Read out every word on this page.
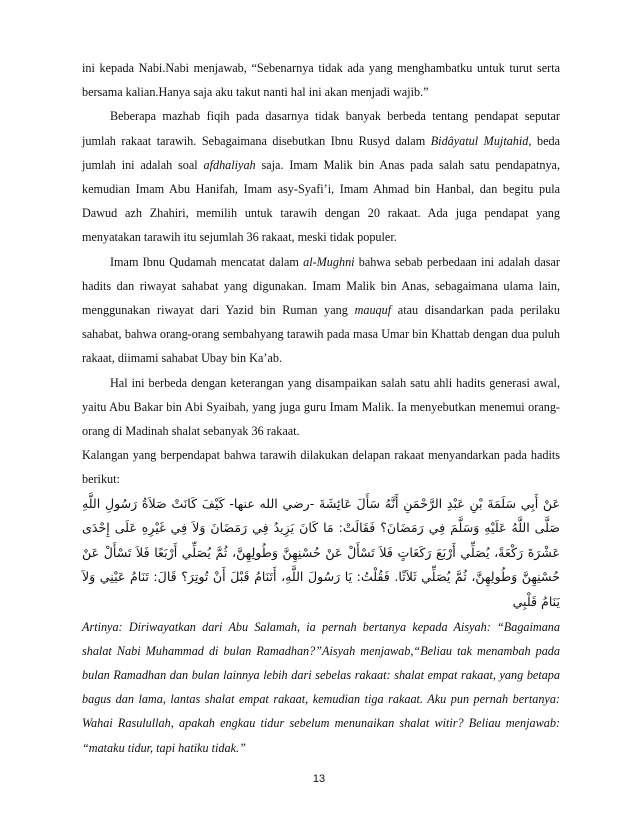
ini kepada Nabi.Nabi menjawab, “Sebenarnya tidak ada yang menghambatku untuk turut serta bersama kalian.Hanya saja aku takut nanti hal ini akan menjadi wajib.”

Beberapa mazhab fiqih pada dasarnya tidak banyak berbeda tentang pendapat seputar jumlah rakaat tarawih. Sebagaimana disebutkan Ibnu Rusyd dalam Bidâyatul Mujtahid, beda jumlah ini adalah soal afdhaliyah saja. Imam Malik bin Anas pada salah satu pendapatnya, kemudian Imam Abu Hanifah, Imam asy-Syafi’i, Imam Ahmad bin Hanbal, dan begitu pula Dawud azh Zhahiri, memilih untuk tarawih dengan 20 rakaat. Ada juga pendapat yang menyatakan tarawih itu sejumlah 36 rakaat, meski tidak populer.

Imam Ibnu Qudamah mencatat dalam al-Mughni bahwa sebab perbedaan ini adalah dasar hadits dan riwayat sahabat yang digunakan. Imam Malik bin Anas, sebagaimana ulama lain, menggunakan riwayat dari Yazid bin Ruman yang mauquf atau disandarkan pada perilaku sahabat, bahwa orang-orang sembahyang tarawih pada masa Umar bin Khattab dengan dua puluh rakaat, diimami sahabat Ubay bin Ka’ab.

Hal ini berbeda dengan keterangan yang disampaikan salah satu ahli hadits generasi awal, yaitu Abu Bakar bin Abi Syaibah, yang juga guru Imam Malik. Ia menyebutkan menemui orang-orang di Madinah shalat sebanyak 36 rakaat.

Kalangan yang berpendapat bahwa tarawih dilakukan delapan rakaat menyandarkan pada hadits berikut:

عَنْ أَبِي سَلَمَةَ بْنِ عَبْدِ الرَّحْمَنِ أَنَّهُ سَأَلَ عَائِشَةَ -رضي الله عنها- كَيْفَ كَانَتْ صَلاَةُ رَسُولِ اللَّهِ صَلَّى اللَّهُ عَلَيْهِ وَسَلَّمَ فِي رَمَضَانَ؟ فَقَالَتْ: مَا كَانَ يَزِيدُ فِي رَمَضَانَ وَلاَ فِي غَيْرِهِ عَلَى إِحْدَى عَشْرَةَ رَكْعَةً، يُصَلِّي أَرْبَعَ رَكَعَاتٍ فَلاَ تَسْأَلْ عَنْ حُسْنِهِنَّ وَطُولِهِنَّ، ثُمَّ يُصَلِّي أَرْبَعًا فَلاَ تَسْأَلْ عَنْ حُسْنِهِنَّ وَطُولِهِنَّ، ثُمَّ يُصَلِّي ثَلاَثًا. فَقُلْتُ: يَا رَسُولَ اللَّهِ، أَتَنَامُ قَبْلَ أَنْ تُوتِرَ؟ قَالَ: تَنَامُ عَيْنِي وَلاَ يَنَامُ قَلْبِي

Artinya: Diriwayatkan dari Abu Salamah, ia pernah bertanya kepada Aisyah: “Bagaimana shalat Nabi Muhammad di bulan Ramadhan?”Aisyah menjawab,“Beliau tak menambah pada bulan Ramadhan dan bulan lainnya lebih dari sebelas rakaat: shalat empat rakaat, yang betapa bagus dan lama, lantas shalat empat rakaat, kemudian tiga rakaat. Aku pun pernah bertanya: Wahai Rasulullah, apakah engkau tidur sebelum menunaikan shalat witir? Beliau menjawab: “mataku tidur, tapi hatiku tidak.”

13
